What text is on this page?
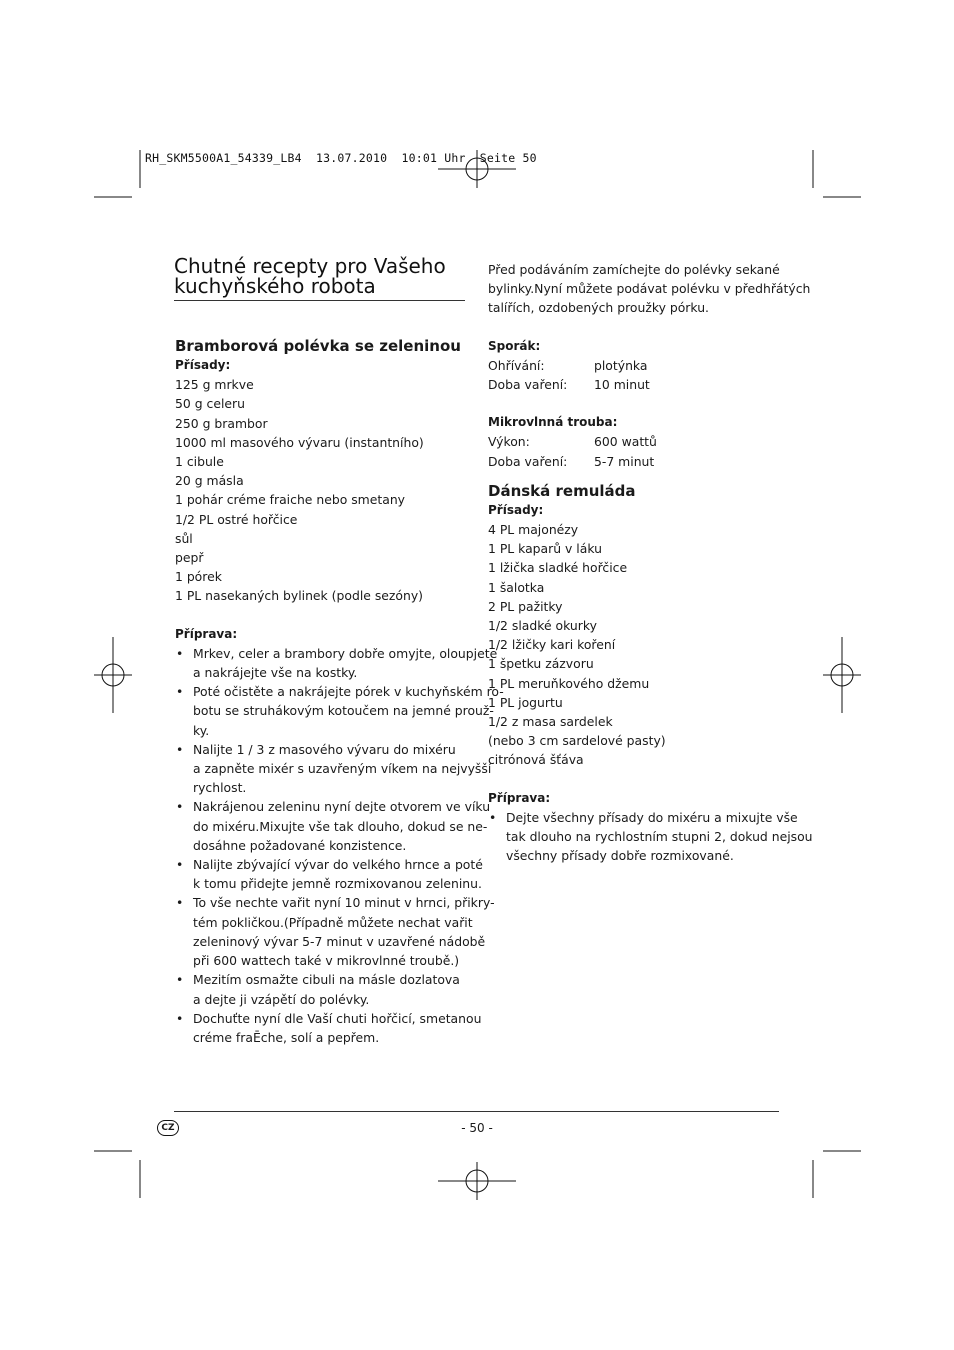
RH_SKM5500A1_54339_LB4  13.07.2010  10:01 Uhr  Seite 50
Chutné recepty pro Vašeho
kuchyňského robota
Bramborová polévka se zeleninou
Přísady:
125 g mrkve
50 g celeru
250 g brambor
1000 ml masového vývaru (instantního)
1 cibule
20 g másla
1 pohár créme fraiche nebo smetany
1/2 PL ostré hořčice
sůl
pepř
1 pórek
1 PL nasekaných bylinek (podle sezóny)
Příprava:
• Mrkev, celer a brambory dobře omyjte, oloupjete
a nakrájejte vše na kostky.
• Poté očistěte a nakrájejte pórek v kuchyňském ro-
botu se struhákovým kotoučem na jemné prouž-
ky.
• Nalijte 1 / 3 z masového vývaru do mixéru
a zapněte mixér s uzavřeným víkem na nejvyšší
rychlost.
• Nakrájenou zeleninu nyní dejte otvorem ve víku
do mixéru.Mixujte vše tak dlouho, dokud se ne-
dosáhne požadované konzistence.
• Nalijte zbývající vývar do velkého hrnce a poté
k tomu přidejte jemně rozmixovanou zeleninu.
• To vše nechte vařit nyní 10 minut v hrnci, přikry-
tém pokličkou.(Případně můžete nechat vařit
zeleninový vývar 5-7 minut v uzavřené nádobě
při 600 wattech také v mikrovlnné troubě.)
• Mezitím osmažte cibuli na másle dozlatova
a dejte ji vzápětí do polévky.
• Dochuťte nyní dle Vaší chuti hořčicí, smetanou
créme fraĒche, solí a pepřem.
Před podáváním zamíchejte do polévky sekané
bylinky.Nyní můžete podávat polévku v předhřátých
talířích, ozdobených proužky pórku.
Sporák:
Ohřívání:	plotýnka
Doba vaření:	10 minut
Mikrovlnná trouba:
Výkon:	600 wattů
Doba vaření:	5-7 minut
Dánská remuláda
Přísady:
4 PL majonézy
1 PL kaparů v láku
1 lžička sladké hořčice
1 šalotka
2 PL pažitky
1/2 sladké okurky
1/2 lžičky kari koření
1 špetku zázvoru
1 PL meruňkového džemu
1 PL jogurtu
1/2 z masa sardelek
(nebo 3 cm sardelové pasty)
citrónová šťáva
Příprava:
• Dejte všechny přísady do mixéru a mixujte vše
tak dlouho na rychlostním stupni 2, dokud nejsou
všechny přísady dobře rozmixované.
CZ	- 50 -
